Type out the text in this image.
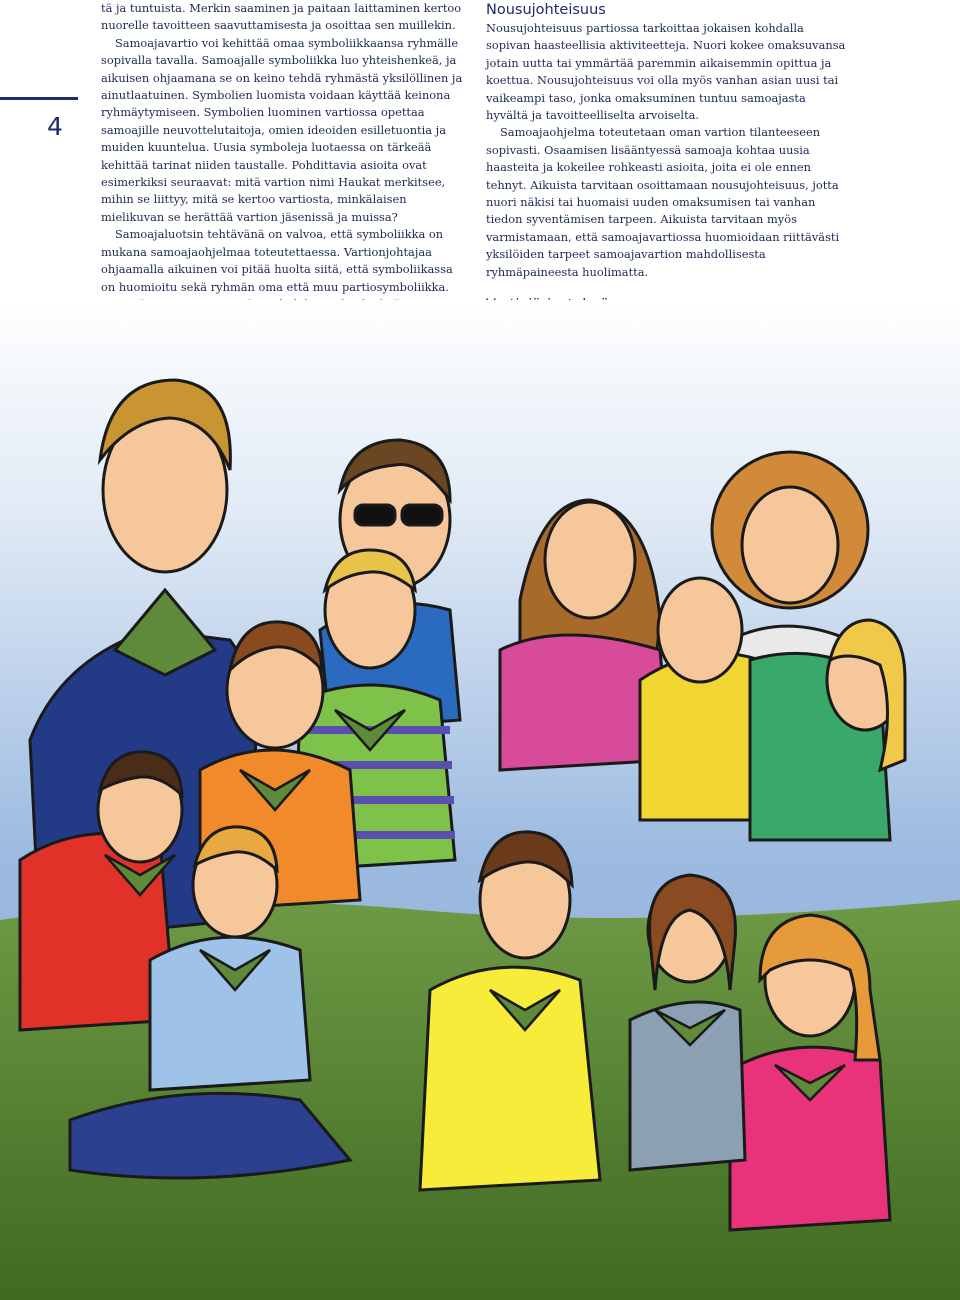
4

tä ja tuntuista. Merkin saaminen ja paitaan laittaminen kertoo nuorelle tavoitteen saavuttamisesta ja osoittaa sen muillekin.

Samoajavartio voi kehittää omaa symboliikkaansa ryhmälle sopivalla tavalla. Samoajalle symboliikka luo yhteishenkeä, ja aikuisen ohjaamana se on keino tehdä ryhmästä yksilöllinen ja ainutlaatuinen. Symbolien luomista voidaan käyttää keinona ryhmäytymiseen. Symbolien luominen vartiossa opettaa samoajille neuvottelutaitoja, omien ideoiden esilletuontia ja muiden kuuntelua. Uusia symboleja luotaessa on tärkeää kehittää tarinat niiden taustalle. Pohdittavia asioita ovat esimerkiksi seuraavat: mitä vartion nimi Haukat merkitsee, mihin se liittyy, mitä se kertoo vartiosta, minkälaisen mielikuvan se herättää vartion jäsenissä ja muissa?

Samoajaluotsin tehtävänä on valvoa, että symboliikka on mukana samoajaohjelmaa toteutettaessa. Vartionjohtajaa ohjaamalla aikuinen voi pitää huolta siitä, että symboliikassa on huomioitu sekä ryhmän oma että muu partiosymboliikka.

Nousujohteisuus

Nousujohteisuus partiossa tarkoittaa jokaisen kohdalla sopivan haasteellisia aktiviteetteja. Nuori kokee omaksuvansa jotain uutta tai ymmärtää paremmin aikaisemmin opittua ja koettua. Nousujohteisuus voi olla myös vanhan asian uusi tai vaikeampi taso, jonka omaksuminen tuntuu samoajasta hyvältä ja tavoitteelliselta arvoiselta.

Samoajaohjelma toteutetaan oman vartion tilanteeseen sopivasti. Osaamisen lisääntyessä samoaja kohtaa uusia haasteita ja kokeilee rohkeasti asioita, joita ei ole ennen tehnyt. Aikuista tarvitaan osoittamaan nousujohteisuus, jotta nuori näkisi tai huomaisi uuden omaksumisen tai vanhan tiedon syventämisen tarpeen. Aikuista tarvitaan myös varmistamaan, että samoajavartiossa huomioidaan riittävästi yksilöiden tarpeet samoajavartion mahdollisesta ryhmäpaineesta huolimatta.
